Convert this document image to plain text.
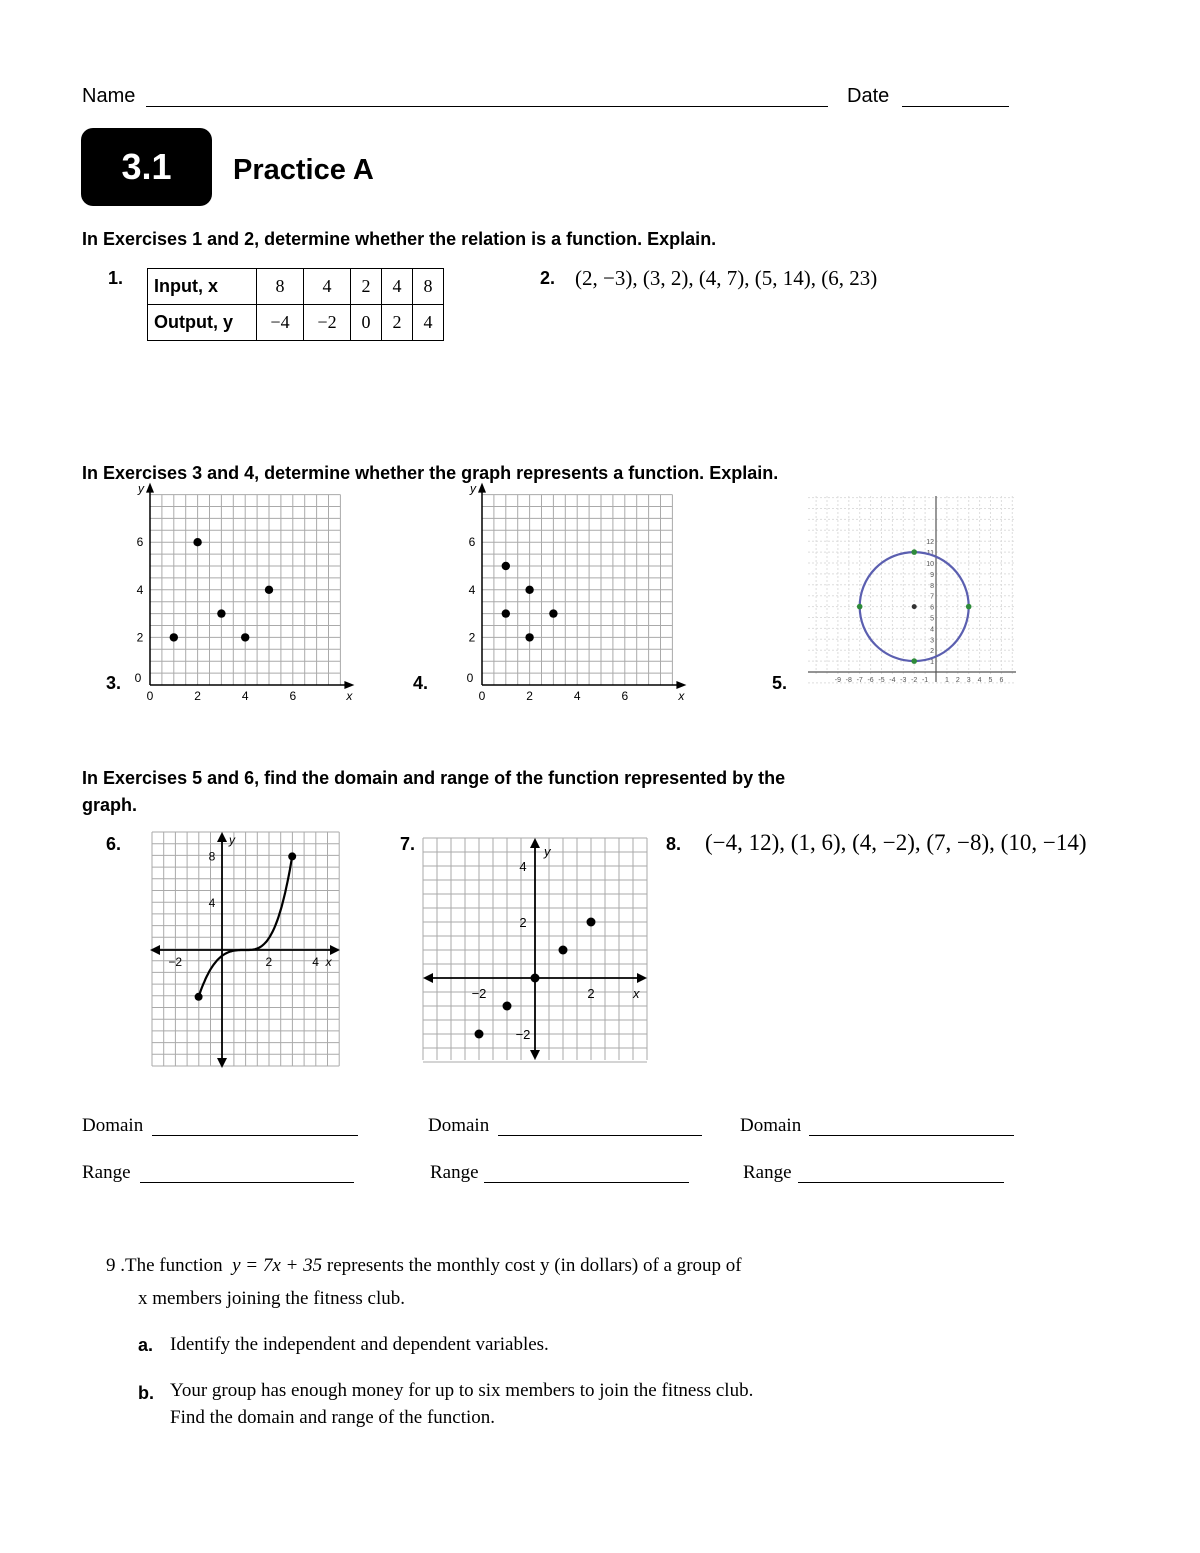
Name	Date
3.1	Practice A
In Exercises 1 and 2, determine whether the relation is a function. Explain.
1. Input, x	8	4	2	4	8
Output, y	−4	−2	0	2	4
2. (2, −3), (3, 2), (4, 7), (5, 14), (6, 23)
In Exercises 3 and 4, determine whether the graph represents a function. Explain.
3.
0	2	4	6
0
2
4
6
x
y
4.
0	2	4	6
0
2
4
6
x
y
5.
1
2
3
4
5
6
7
8
9
10
11
12
-9 -8 -7 -6 -5 -4 -3 -2 -1 1 2 3 4 5 6
In Exercises 5 and 6, find the domain and range of the function represented by the
graph.
6.
−2	2	4
8
4
x
y	7.
−2	2
4
2
−2
x
y	8. (−4, 12), (1, 6), (4, −2), (7, −8), (10, −14)
Domain
Range
Domain
Range
Domain
Range
9 .The function y = 7x + 35 represents the monthly cost y (in dollars) of a group of
x members joining the fitness club.
a. Identify the independent and dependent variables.
b. Your group has enough money for up to six members to join the fitness club.
Find the domain and range of the function.
